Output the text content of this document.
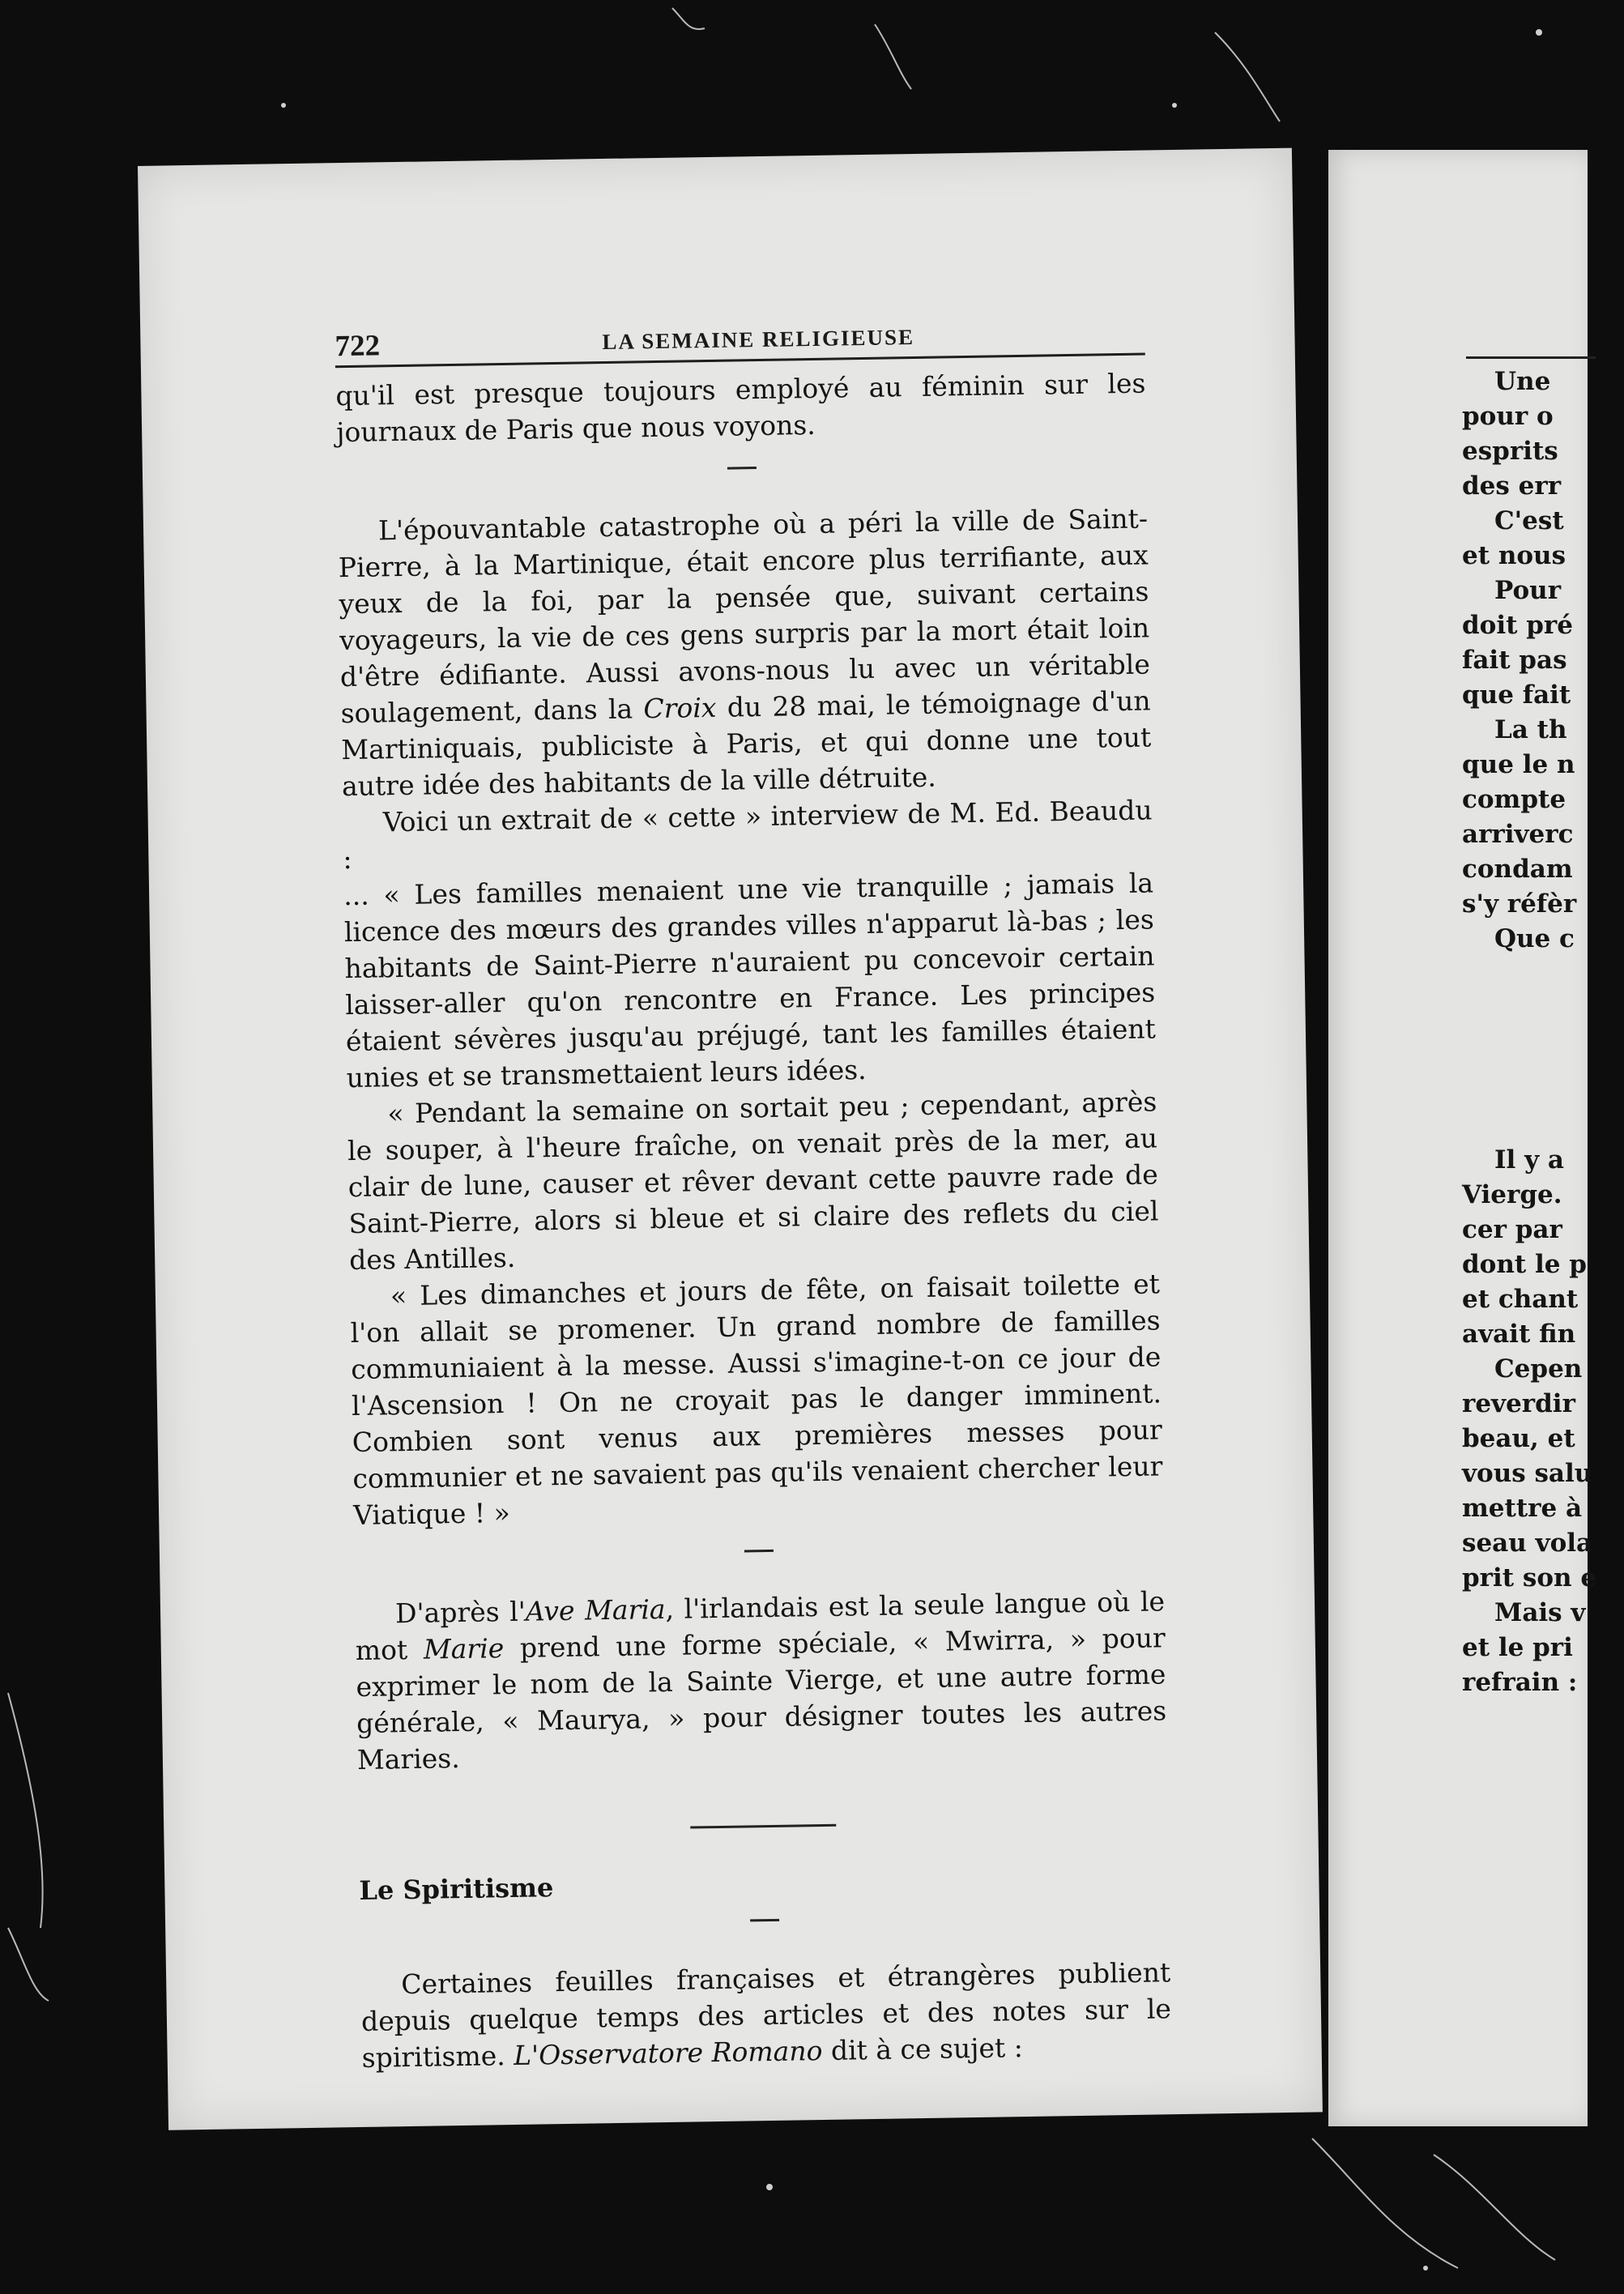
722	LA SEMAINE RELIGIEUSE

qu'il est presque toujours employé au féminin sur les journaux de Paris que nous voyons.

L'épouvantable catastrophe où a péri la ville de Saint-Pierre, à la Martinique, était encore plus terrifiante, aux yeux de la foi, par la pensée que, suivant certains voyageurs, la vie de ces gens surpris par la mort était loin d'être édifiante. Aussi avons-nous lu avec un véritable soulagement, dans la Croix du 28 mai, le témoignage d'un Martiniquais, publiciste à Paris, et qui donne une tout autre idée des habitants de la ville détruite.

Voici un extrait de « cette » interview de M. Ed. Beaudu :

... « Les familles menaient une vie tranquille ; jamais la licence des mœurs des grandes villes n'apparut là-bas ; les habitants de Saint-Pierre n'auraient pu concevoir certain laisser-aller qu'on rencontre en France. Les principes étaient sévères jusqu'au préjugé, tant les familles étaient unies et se transmettaient leurs idées.

« Pendant la semaine on sortait peu ; cependant, après le souper, à l'heure fraîche, on venait près de la mer, au clair de lune, causer et rêver devant cette pauvre rade de Saint-Pierre, alors si bleue et si claire des reflets du ciel des Antilles.

« Les dimanches et jours de fête, on faisait toilette et l'on allait se promener. Un grand nombre de familles communiaient à la messe. Aussi s'imagine-t-on ce jour de l'Ascension ! On ne croyait pas le danger imminent. Combien sont venus aux premières messes pour communier et ne savaient pas qu'ils venaient chercher leur Viatique ! »

D'après l'Ave Maria, l'irlandais est la seule langue où le mot Marie prend une forme spéciale, « Mwirra, » pour exprimer le nom de la Sainte Vierge, et une autre forme générale, « Maurya, » pour désigner toutes les autres Maries.

Le Spiritisme

Certaines feuilles françaises et étrangères publient depuis quelque temps des articles et des notes sur le spiritisme. L'Osservatore Romano dit à ce sujet :

Une
pour o
esprits
des err
C'est
et nous
Pour
doit pré
fait pas
que fait
La th
que le n
compte
arriverc
condam
s'y réfèr
Que c
Il y a
Vierge.
cer par
dont le p
et chant
avait fin
Cepen
reverdir
beau, et
vous salu
mettre à
seau vola
prit son e
Mais v
et le pri
refrain :
